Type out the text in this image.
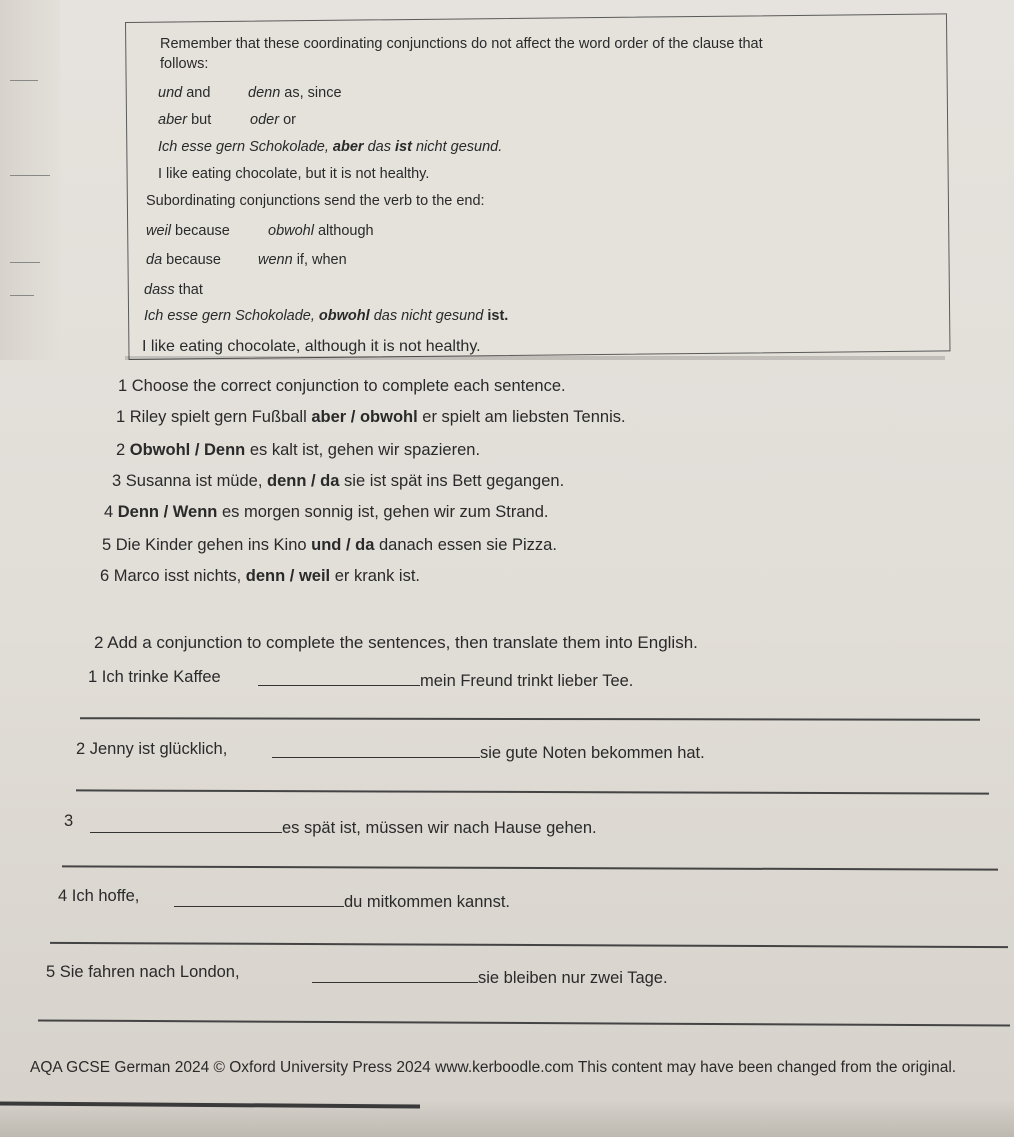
Remember that these coordinating conjunctions do not affect the word order of the clause that
follows:
und and	denn as, since
aber but	oder or
Ich esse gern Schokolade, aber das ist nicht gesund.
I like eating chocolate, but it is not healthy.
Subordinating conjunctions send the verb to the end:
weil because	obwohl although
da because	wenn if, when
dass that
Ich esse gern Schokolade, obwohl das nicht gesund ist.
I like eating chocolate, although it is not healthy.
1 Choose the correct conjunction to complete each sentence.
1 Riley spielt gern Fußball aber / obwohl er spielt am liebsten Tennis.
2 Obwohl / Denn es kalt ist, gehen wir spazieren.
3 Susanna ist müde, denn / da sie ist spät ins Bett gegangen.
4 Denn / Wenn es morgen sonnig ist, gehen wir zum Strand.
5 Die Kinder gehen ins Kino und / da danach essen sie Pizza.
6 Marco isst nichts, denn / weil er krank ist.
2 Add a conjunction to complete the sentences, then translate them into English.
1 Ich trinke Kaffee	mein Freund trinkt lieber Tee.
2 Jenny ist glücklich,	sie gute Noten bekommen hat.
3	es spät ist, müssen wir nach Hause gehen.
4 Ich hoffe,	du mitkommen kannst.
5 Sie fahren nach London,	sie bleiben nur zwei Tage.
AQA GCSE German 2024 © Oxford University Press 2024 www.kerboodle.com This content may have been changed from the original.
